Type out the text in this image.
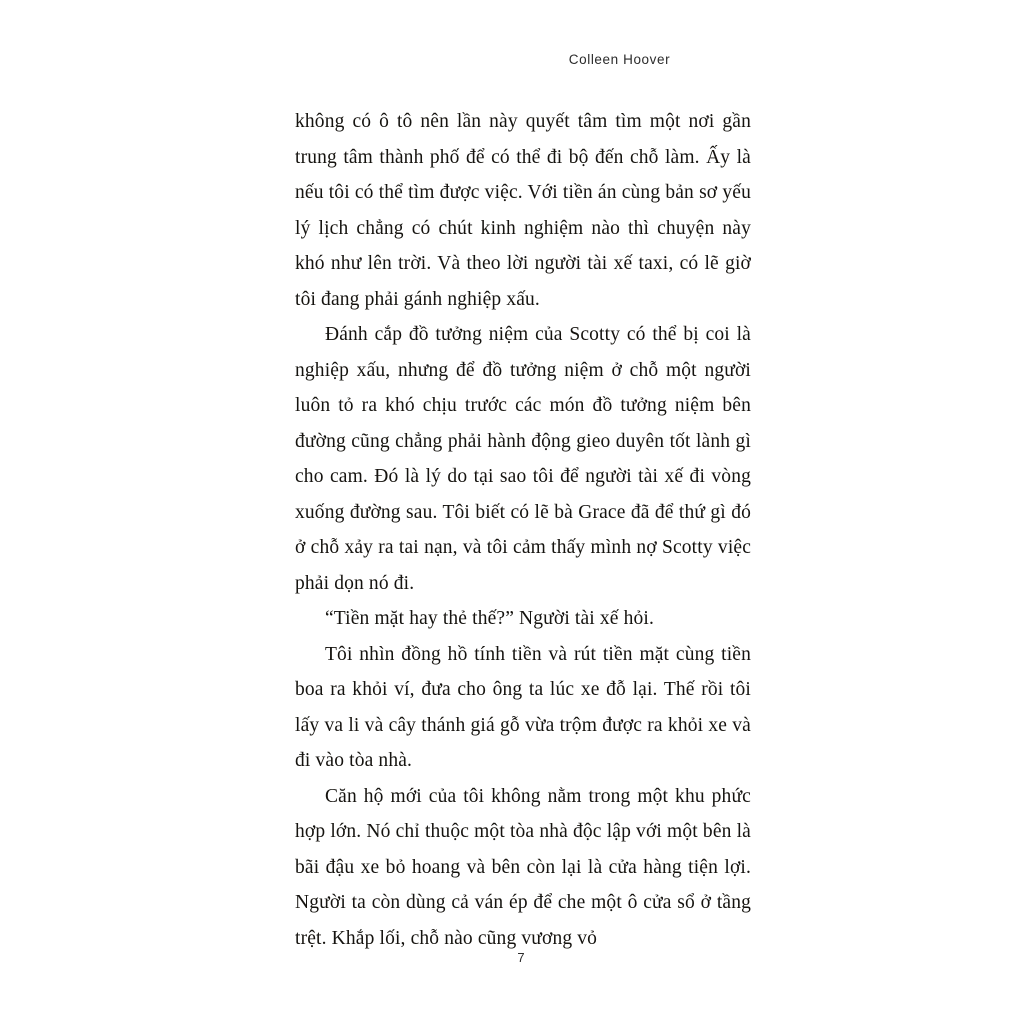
Colleen Hoover

không có ô tô nên lần này quyết tâm tìm một nơi gần trung tâm thành phố để có thể đi bộ đến chỗ làm. Ấy là nếu tôi có thể tìm được việc. Với tiền án cùng bản sơ yếu lý lịch chẳng có chút kinh nghiệm nào thì chuyện này khó như lên trời. Và theo lời người tài xế taxi, có lẽ giờ tôi đang phải gánh nghiệp xấu.

Đánh cắp đồ tưởng niệm của Scotty có thể bị coi là nghiệp xấu, nhưng để đồ tưởng niệm ở chỗ một người luôn tỏ ra khó chịu trước các món đồ tưởng niệm bên đường cũng chẳng phải hành động gieo duyên tốt lành gì cho cam. Đó là lý do tại sao tôi để người tài xế đi vòng xuống đường sau. Tôi biết có lẽ bà Grace đã để thứ gì đó ở chỗ xảy ra tai nạn, và tôi cảm thấy mình nợ Scotty việc phải dọn nó đi.

“Tiền mặt hay thẻ thế?” Người tài xế hỏi.

Tôi nhìn đồng hồ tính tiền và rút tiền mặt cùng tiền boa ra khỏi ví, đưa cho ông ta lúc xe đỗ lại. Thế rồi tôi lấy va li và cây thánh giá gỗ vừa trộm được ra khỏi xe và đi vào tòa nhà.

Căn hộ mới của tôi không nằm trong một khu phức hợp lớn. Nó chỉ thuộc một tòa nhà độc lập với một bên là bãi đậu xe bỏ hoang và bên còn lại là cửa hàng tiện lợi. Người ta còn dùng cả ván ép để che một ô cửa sổ ở tầng trệt. Khắp lối, chỗ nào cũng vương vỏ

7
